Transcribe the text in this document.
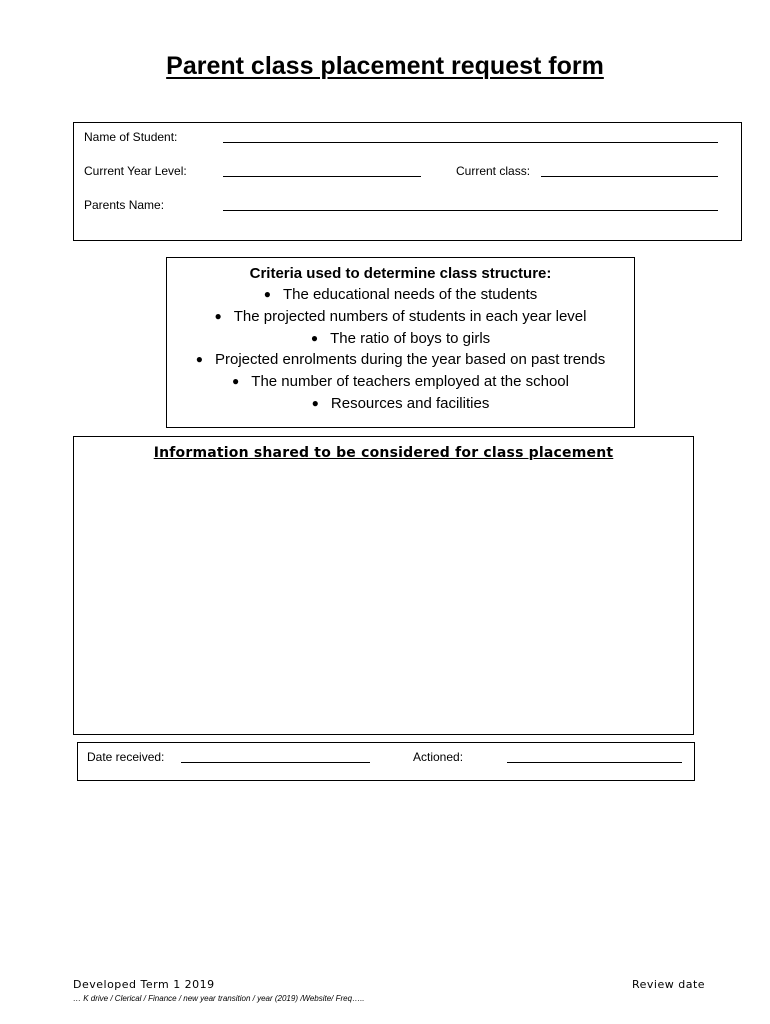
Parent class placement request form
Name of Student:
Current Year Level:	Current class:
Parents Name:
Criteria used to determine class structure:
● The educational needs of the students
● The projected numbers of students in each year level
● The ratio of boys to girls
● Projected enrolments during the year based on past trends
● The number of teachers employed at the school
● Resources and facilities
Information shared to be considered for class placement
Date received:	Actioned:
Developed Term 1 2019
… K drive / Clerical / Finance / new year transition / year (2019) /Website/ Freq…..
Review date
